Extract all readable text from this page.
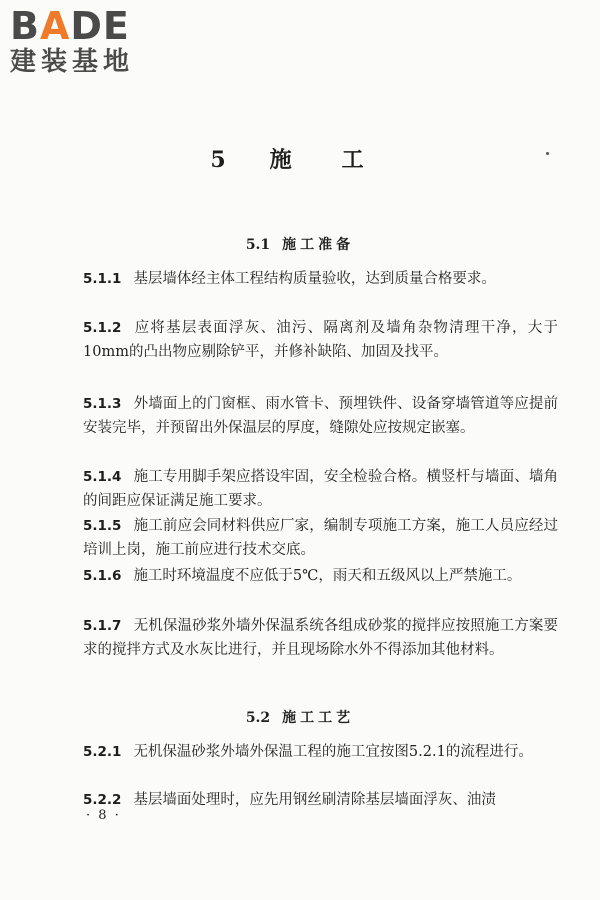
BADE
建装基地
5 施 工
5.1 施工准备
5.1.1 基层墙体经主体工程结构质量验收，达到质量合格要求。
5.1.2 应将基层表面浮灰、油污、隔离剂及墙角杂物清理干净，大于10mm的凸出物应剔除铲平，并修补缺陷、加固及找平。
5.1.3 外墙面上的门窗框、雨水管卡、预埋铁件、设备穿墙管道等应提前安装完毕，并预留出外保温层的厚度，缝隙处应按规定嵌塞。
5.1.4 施工专用脚手架应搭设牢固，安全检验合格。横竖杆与墙面、墙角的间距应保证满足施工要求。
5.1.5 施工前应会同材料供应厂家，编制专项施工方案，施工人员应经过培训上岗，施工前应进行技术交底。
5.1.6 施工时环境温度不应低于5℃，雨天和五级风以上严禁施工。
5.1.7 无机保温砂浆外墙外保温系统各组成砂浆的搅拌应按照施工方案要求的搅拌方式及水灰比进行，并且现场除水外不得添加其他材料。
5.2 施工工艺
5.2.1 无机保温砂浆外墙外保温工程的施工宜按图5.2.1的流程进行。
5.2.2 基层墙面处理时，应先用钢丝刷清除基层墙面浮灰、油渍
· 8 ·
